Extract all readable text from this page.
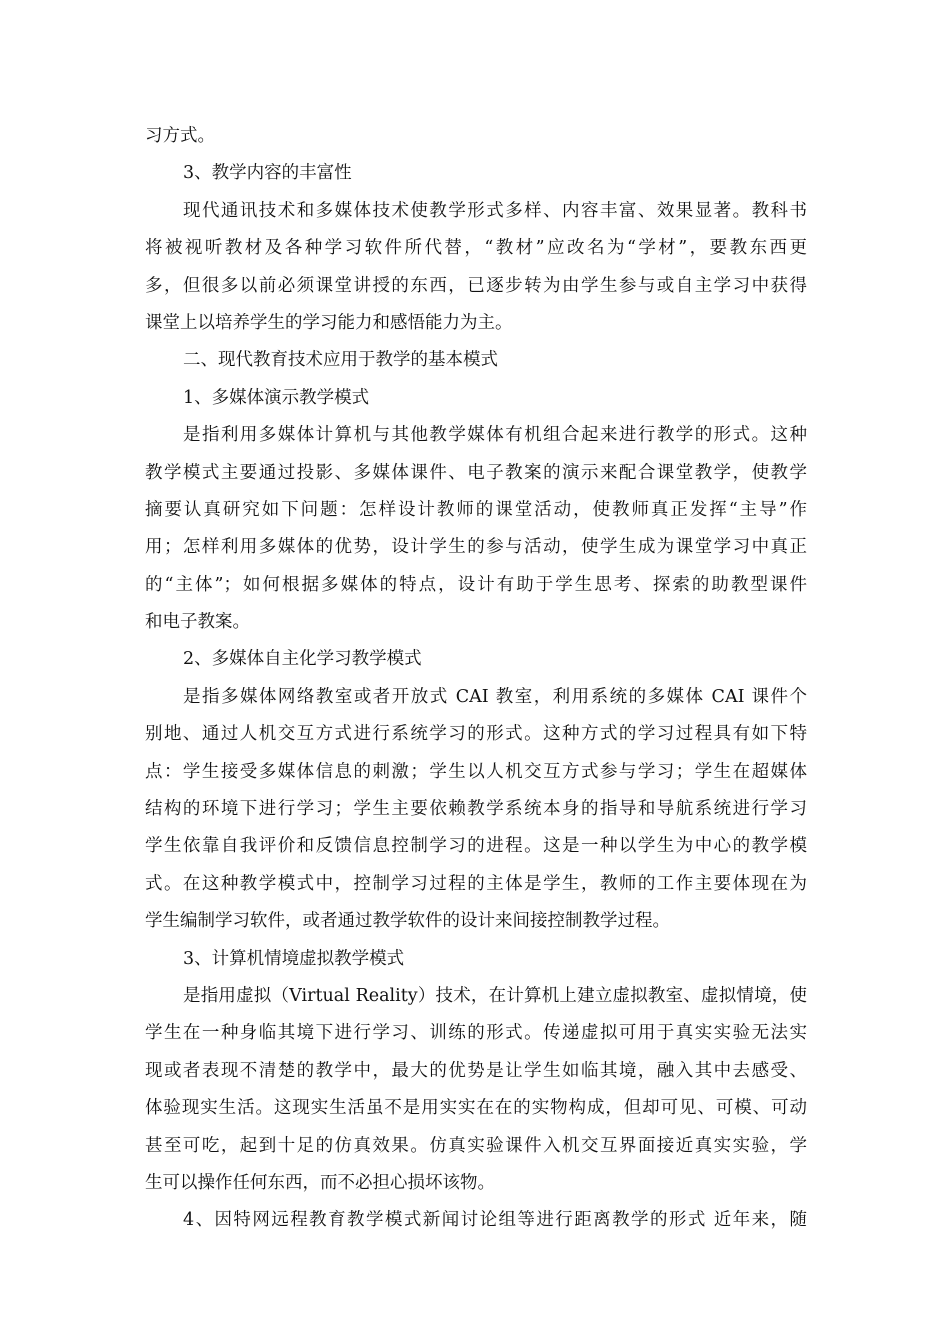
习方式。
3、教学内容的丰富性
现代通讯技术和多媒体技术使教学形式多样、内容丰富、效果显著。教科书
将被视听教材及各种学习软件所代替，“教材”应改名为“学材”，要教东西更
多，但很多以前必须课堂讲授的东西，已逐步转为由学生参与或自主学习中获得
课堂上以培养学生的学习能力和感悟能力为主。
二、现代教育技术应用于教学的基本模式
1、多媒体演示教学模式
是指利用多媒体计算机与其他教学媒体有机组合起来进行教学的形式。这种
教学模式主要通过投影、多媒体课件、电子教案的演示来配合课堂教学，使教学
摘要认真研究如下问题：怎样设计教师的课堂活动，使教师真正发挥“主导”作
用；怎样利用多媒体的优势，设计学生的参与活动，使学生成为课堂学习中真正
的“主体”；如何根据多媒体的特点，设计有助于学生思考、探索的助教型课件
和电子教案。
2、多媒体自主化学习教学模式
是指多媒体网络教室或者开放式 CAI 教室，利用系统的多媒体 CAI 课件个
别地、通过人机交互方式进行系统学习的形式。这种方式的学习过程具有如下特
点：学生接受多媒体信息的刺激；学生以人机交互方式参与学习；学生在超媒体
结构的环境下进行学习；学生主要依赖教学系统本身的指导和导航系统进行学习
学生依靠自我评价和反馈信息控制学习的进程。这是一种以学生为中心的教学模
式。在这种教学模式中，控制学习过程的主体是学生，教师的工作主要体现在为
学生编制学习软件，或者通过教学软件的设计来间接控制教学过程。
3、计算机情境虚拟教学模式
是指用虚拟（Virtual Reality）技术，在计算机上建立虚拟教室、虚拟情境，使
学生在一种身临其境下进行学习、训练的形式。传递虚拟可用于真实实验无法实
现或者表现不清楚的教学中，最大的优势是让学生如临其境，融入其中去感受、
体验现实生活。这现实生活虽不是用实实在在的实物构成，但却可见、可模、可动
甚至可吃，起到十足的仿真效果。仿真实验课件入机交互界面接近真实实验，学
生可以操作任何东西，而不必担心损坏该物。
4、因特网远程教育教学模式新闻讨论组等进行距离教学的形式 近年来，随
